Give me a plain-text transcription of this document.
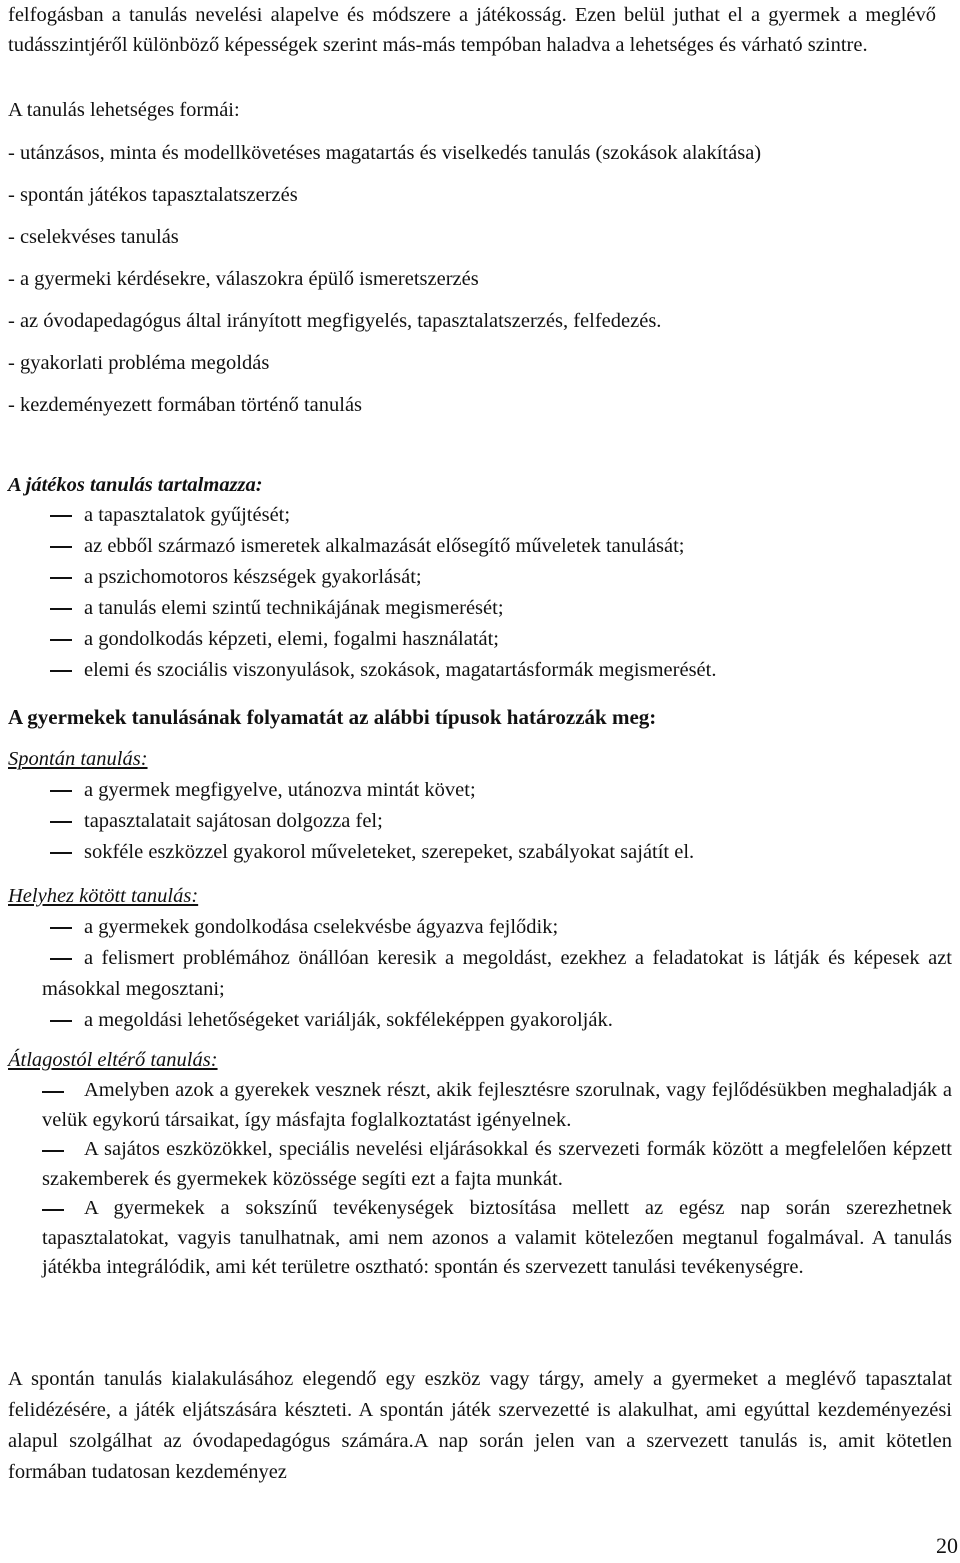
felfogásban a tanulás nevelési alapelve és módszere a játékosság. Ezen belül juthat el a gyermek a meglévő tudásszintjéről különböző képességek szerint más-más tempóban haladva a lehetséges és várható szintre.
A tanulás lehetséges formái:
- utánzásos, minta és modellkövetéses magatartás és viselkedés tanulás (szokások alakítása)
- spontán játékos tapasztalatszerzés
- cselekvéses tanulás
- a gyermeki kérdésekre, válaszokra épülő ismeretszerzés
- az óvodapedagógus által irányított megfigyelés, tapasztalatszerzés, felfedezés.
- gyakorlati probléma megoldás
- kezdeményezett formában történő tanulás
A játékos tanulás tartalmazza:
a tapasztalatok gyűjtését;
az ebből származó ismeretek alkalmazását elősegítő műveletek tanulását;
a pszichomotoros készségek gyakorlását;
a tanulás elemi szintű technikájának megismerését;
a gondolkodás képzeti, elemi, fogalmi használatát;
elemi és szociális viszonyulások, szokások, magatartásformák megismerését.
A gyermekek tanulásának folyamatát az alábbi típusok határozzák meg:
Spontán tanulás:
a gyermek megfigyelve, utánozva mintát követ;
tapasztalatait sajátosan dolgozza fel;
sokféle eszközzel gyakorol műveleteket, szerepeket, szabályokat sajátít el.
Helyhez kötött tanulás:
a gyermekek gondolkodása cselekvésbe ágyazva fejlődik;
a felismert problémához önállóan keresik a megoldást, ezekhez a feladatokat is látják és képesek azt másokkal megosztani;
a megoldási lehetőségeket variálják, sokféleképpen gyakorolják.
Átlagostól eltérő tanulás:
Amelyben azok a gyerekek vesznek részt, akik fejlesztésre szorulnak, vagy fejlődésükben meghaladják a velük egykorú társaikat, így másfajta foglalkoztatást igényelnek.
A sajátos eszközökkel, speciális nevelési eljárásokkal és szervezeti formák között a megfelelően képzett szakemberek és gyermekek közössége segíti ezt a fajta munkát.
A gyermekek a sokszínű tevékenységek biztosítása mellett az egész nap során szerezhetnek tapasztalatokat, vagyis tanulhatnak, ami nem azonos a valamit kötelezően megtanul fogalmával. A tanulás játékba integrálódik, ami két területre osztható: spontán és szervezett tanulási tevékenységre.
A spontán tanulás kialakulásához elegendő egy eszköz vagy tárgy, amely a gyermeket a meglévő tapasztalat felidézésére, a játék eljátszására készteti. A spontán játék szervezetté is alakulhat, ami egyúttal kezdeményezési alapul szolgálhat az óvodapedagógus számára.A nap során jelen van a szervezett tanulás is, amit kötetlen formában tudatosan kezdeményez
20
